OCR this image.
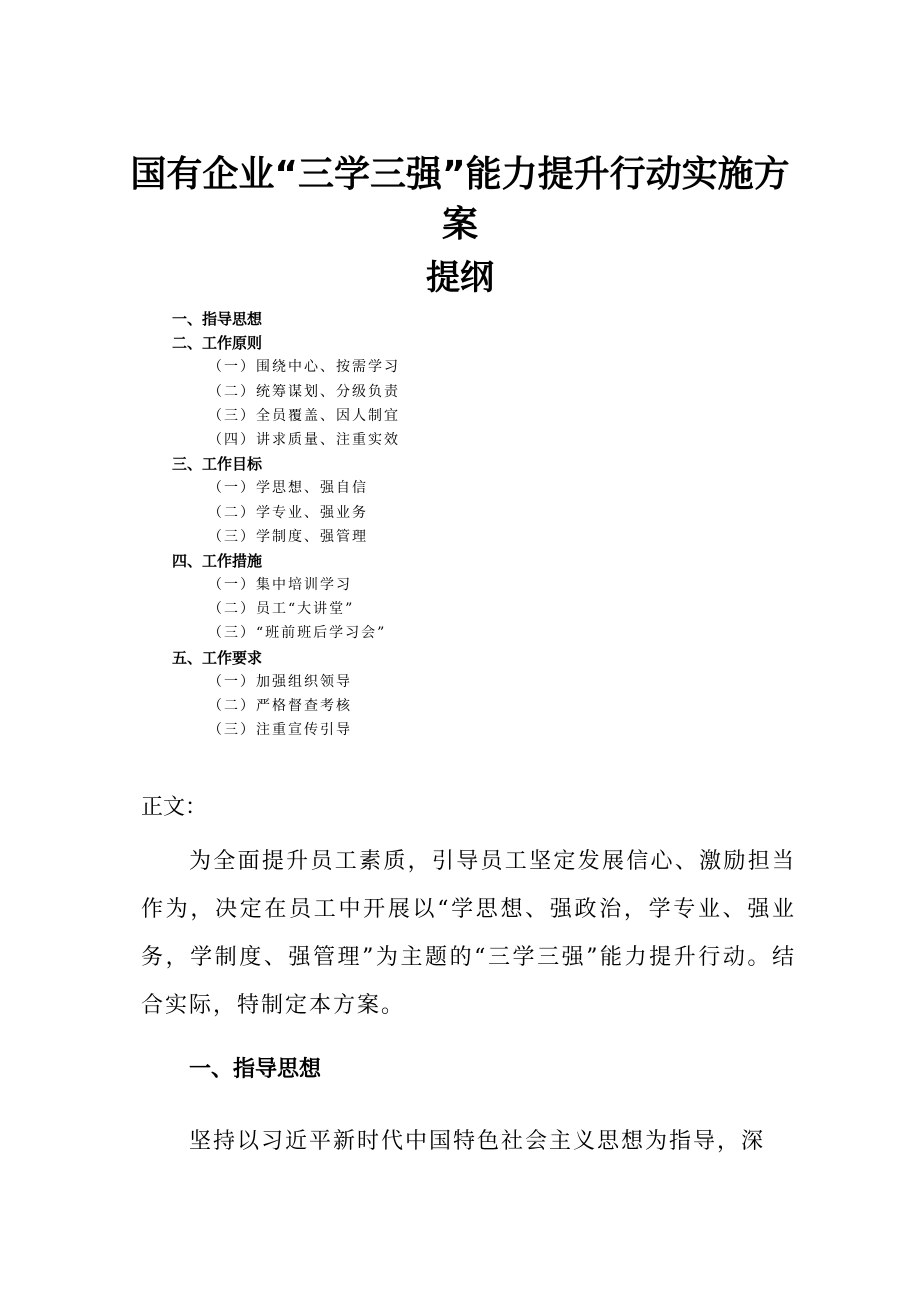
国有企业“三学三强”能力提升行动实施方案
提纲
一、指导思想
二、工作原则
（一）围绕中心、按需学习
（二）统筹谋划、分级负责
（三）全员覆盖、因人制宜
（四）讲求质量、注重实效
三、工作目标
（一）学思想、强自信
（二）学专业、强业务
（三）学制度、强管理
四、工作措施
（一）集中培训学习
（二）员工“大讲堂”
（三）“班前班后学习会”
五、工作要求
（一）加强组织领导
（二）严格督查考核
（三）注重宣传引导
正文：

为全面提升员工素质，引导员工坚定发展信心、激励担当作为，决定在员工中开展以“学思想、强政治，学专业、强业务，学制度、强管理”为主题的“三学三强”能力提升行动。结合实际，特制定本方案。

一、指导思想

坚持以习近平新时代中国特色社会主义思想为指导，深
